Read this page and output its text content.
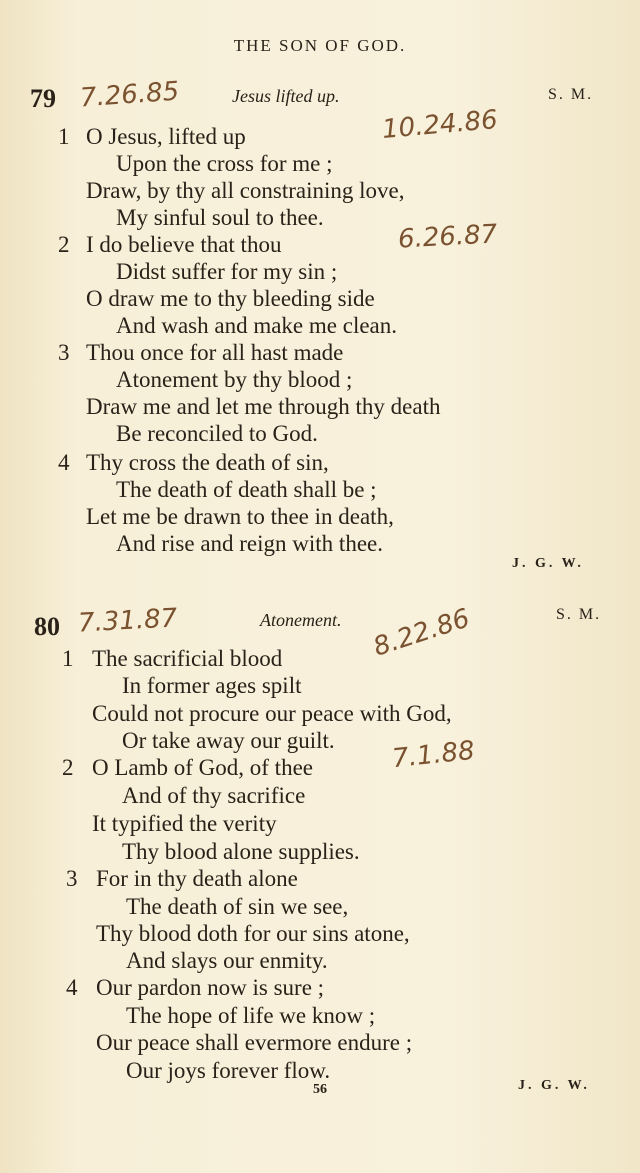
THE SON OF GOD.
79 7.26.85	Jesus lifted up.	S. M.
10.24.86
6.26.87
1 O Jesus, lifted up
Upon the cross for me ;
Draw, by thy all constraining love,
My sinful soul to thee.
2 I do believe that thou
Didst suffer for my sin ;
O draw me to thy bleeding side
And wash and make me clean.
3 Thou once for all hast made
Atonement by thy blood ;
Draw me and let me through thy death
Be reconciled to God.
4 Thy cross the death of sin,
The death of death shall be ;
Let me be drawn to thee in death,
And rise and reign with thee.
J. G. W.
80 7.31.87	Atonement.	S. M.
8.22.86
7.1.88
1 The sacrificial blood
In former ages spilt
Could not procure our peace with God,
Or take away our guilt.
2 O Lamb of God, of thee
And of thy sacrifice
It typified the verity
Thy blood alone supplies.
3 For in thy death alone
The death of sin we see,
Thy blood doth for our sins atone,
And slays our enmity.
4 Our pardon now is sure ;
The hope of life we know ;
Our peace shall evermore endure ;
Our joys forever flow.
56	J. G. W.
